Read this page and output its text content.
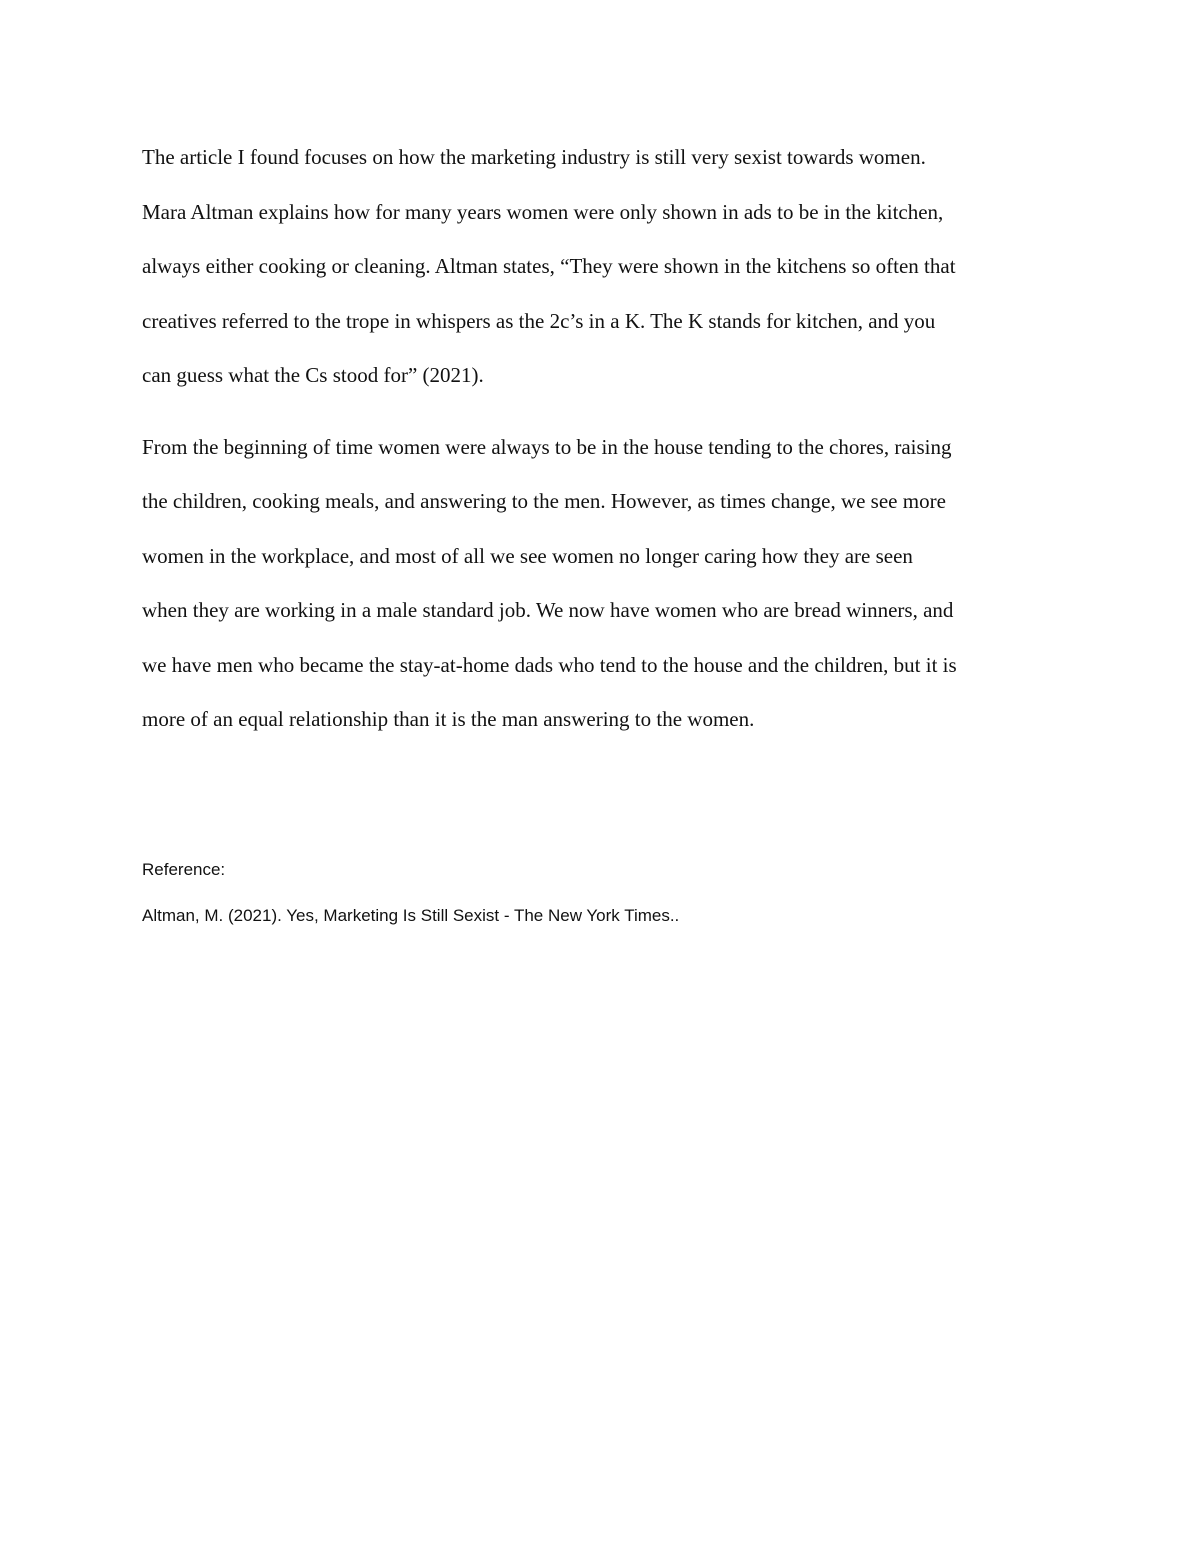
The article I found focuses on how the marketing industry is still very sexist towards women.
Mara Altman explains how for many years women were only shown in ads to be in the kitchen,
always either cooking or cleaning. Altman states, “They were shown in the kitchens so often that
creatives referred to the trope in whispers as the 2c’s in a K. The K stands for kitchen, and you
can guess what the Cs stood for” (2021).

From the beginning of time women were always to be in the house tending to the chores, raising
the children, cooking meals, and answering to the men. However, as times change, we see more
women in the workplace, and most of all we see women no longer caring how they are seen
when they are working in a male standard job. We now have women who are bread winners, and
we have men who became the stay-at-home dads who tend to the house and the children, but it is
more of an equal relationship than it is the man answering to the women.

Reference:
Altman, M. (2021). Yes, Marketing Is Still Sexist - The New York Times..
